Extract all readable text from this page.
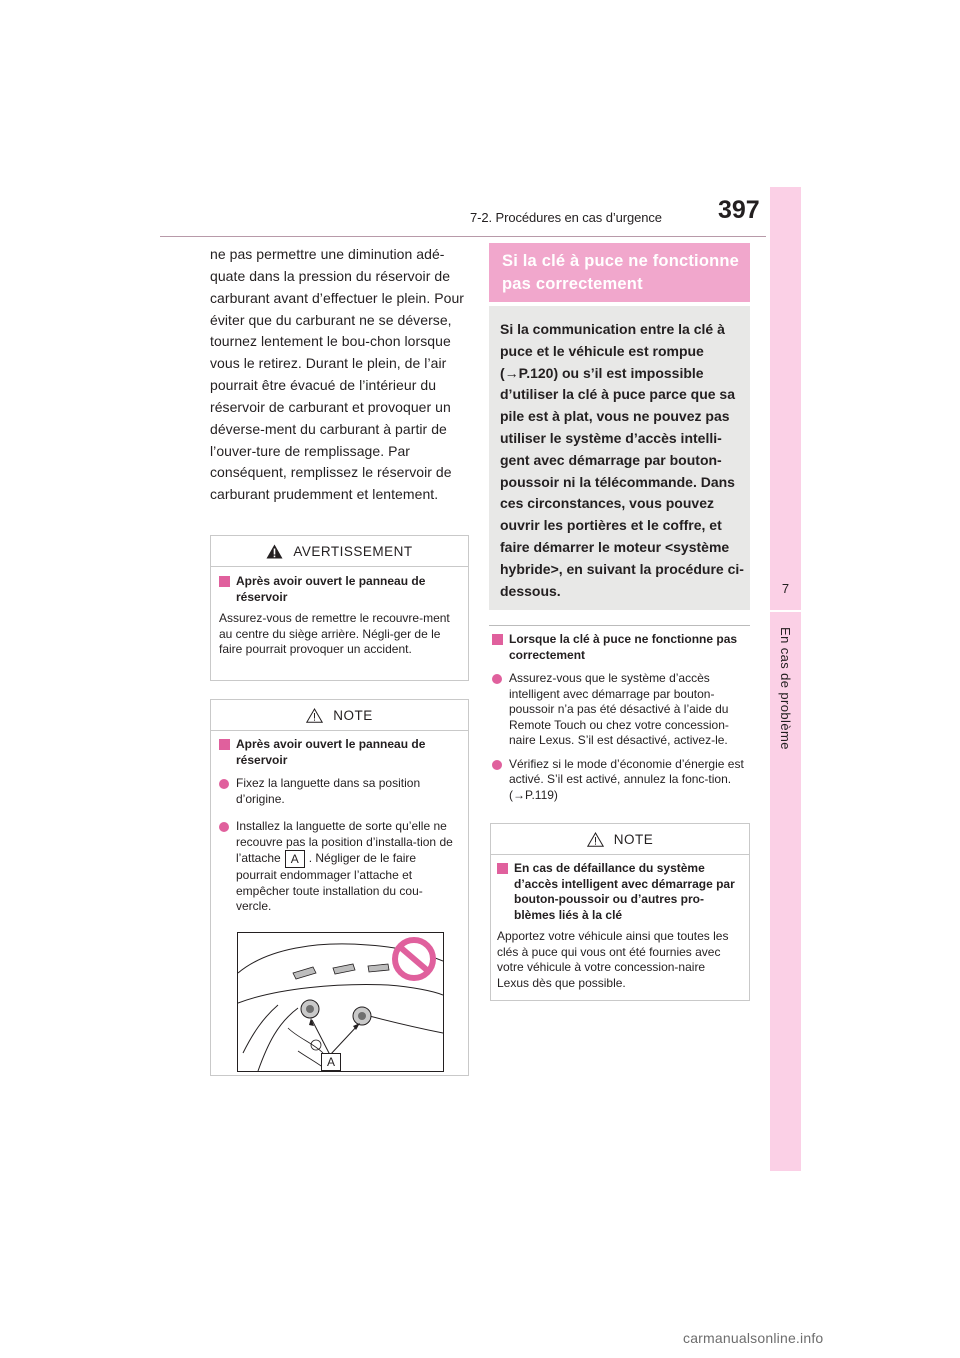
7-2. Procédures en cas d’urgence 397
7
En cas de problème

ne pas permettre une diminution adé-quate dans la pression du réservoir de carburant avant d’effectuer le plein. Pour éviter que du carburant ne se déverse, tournez lentement le bou-chon lorsque vous le retirez. Durant le plein, de l’air pourrait être évacué de l’intérieur du réservoir de carburant et provoquer un déverse-ment du carburant à partir de l’ouver-ture de remplissage. Par conséquent, remplissez le réservoir de carburant prudemment et lentement.

AVERTISSEMENT
Après avoir ouvert le panneau de réservoir
Assurez-vous de remettre le recouvre-ment au centre du siège arrière. Négli-ger de le faire pourrait provoquer un accident.
NOTE
Après avoir ouvert le panneau de réservoir
Fixez la languette dans sa position d’origine.
Installez la languette de sorte qu’elle ne recouvre pas la position d’installa-tion de l’attache A . Négliger de le faire pourrait endommager l’attache et empêcher toute installation du cou-vercle.
A
Si la clé à puce ne fonctionne pas correctement
Si la communication entre la clé à puce et le véhicule est rompue (→P.120) ou s’il est impossible d’utiliser la clé à puce parce que sa pile est à plat, vous ne pouvez pas utiliser le système d’accès intelli-gent avec démarrage par bouton-poussoir ni la télécommande. Dans ces circonstances, vous pouvez ouvrir les portières et le coffre, et faire démarrer le moteur <système hybride>, en suivant la procédure ci-dessous.
Lorsque la clé à puce ne fonctionne pas correctement
Assurez-vous que le système d’accès intelligent avec démarrage par bouton-poussoir n’a pas été désactivé à l’aide du Remote Touch ou chez votre concession-naire Lexus. S’il est désactivé, activez-le.
Vérifiez si le mode d’économie d’énergie est activé. S’il est activé, annulez la fonc-tion. (→P.119)
NOTE
En cas de défaillance du système d’accès intelligent avec démarrage par bouton-poussoir ou d’autres pro-blèmes liés à la clé
Apportez votre véhicule ainsi que toutes les clés à puce qui vous ont été fournies avec votre véhicule à votre concession-naire Lexus dès que possible.
carmanualsonline.info
